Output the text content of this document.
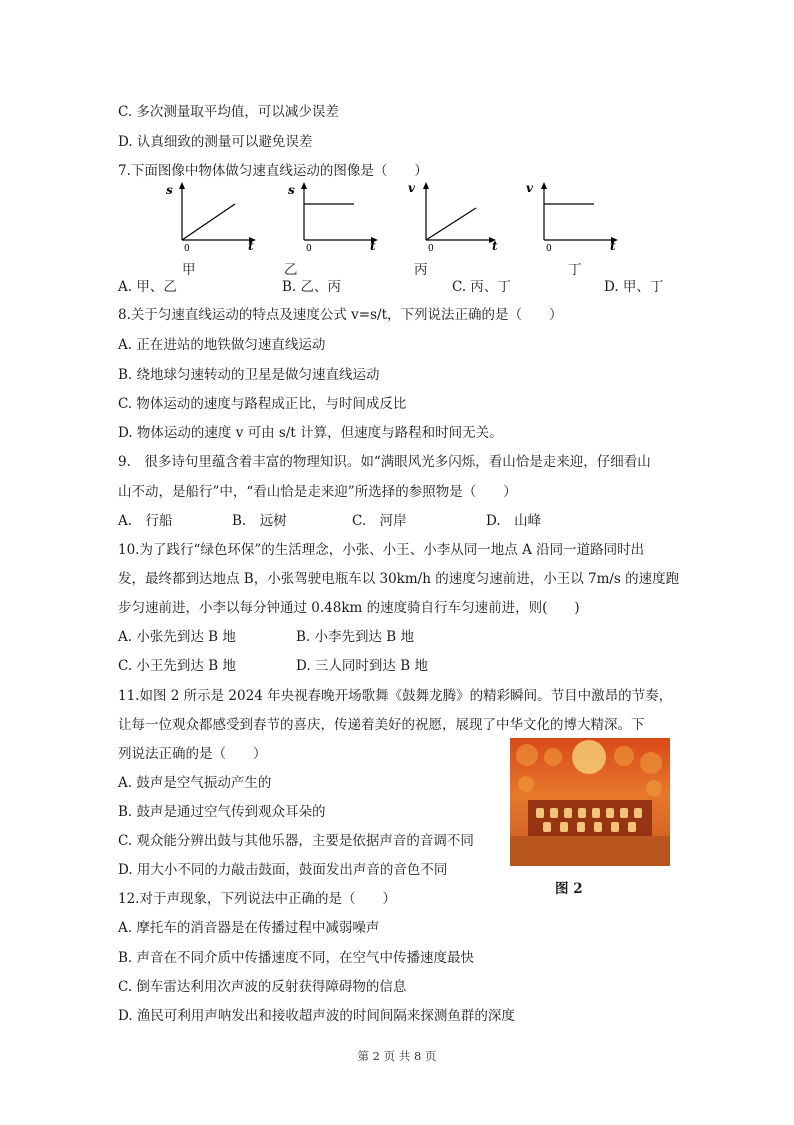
C. 多次测量取平均值，可以减少误差
D. 认真细致的测量可以避免误差
7.下面图像中物体做匀速直线运动的图像是（　　）
s
0	t
s
0	t
v
0	t
v
0	t
甲	乙	丙	丁
A. 甲、乙	B. 乙、丙	C. 丙、丁	D. 甲、丁
8.关于匀速直线运动的特点及速度公式 v=s/t，下列说法正确的是（　　）
A. 正在进站的地铁做匀速直线运动
B. 绕地球匀速转动的卫星是做匀速直线运动
C. 物体运动的速度与路程成正比，与时间成反比
D. 物体运动的速度 v 可由 s/t 计算，但速度与路程和时间无关。
9.　很多诗句里蕴含着丰富的物理知识。如“满眼风光多闪烁，看山恰是走来迎，仔细看山
山不动，是船行”中，“看山恰是走来迎”所选择的参照物是（　　）
A.　行船	B.　远树	C.　河岸	D.　山峰
10.为了践行“绿色环保”的生活理念，小张、小王、小李从同一地点 A 沿同一道路同时出
发，最终都到达地点 B，小张驾驶电瓶车以 30km/h 的速度匀速前进，小王以 7m/s 的速度跑
步匀速前进，小李以每分钟通过 0.48km 的速度骑自行车匀速前进，则(　　)
A. 小张先到达 B 地	B. 小李先到达 B 地
C. 小王先到达 B 地	D. 三人同时到达 B 地
11.如图 2 所示是 2024 年央视春晚开场歌舞《鼓舞龙腾》的精彩瞬间。节目中激昂的节奏，
让每一位观众都感受到春节的喜庆，传递着美好的祝愿，展现了中华文化的博大精深。下
列说法正确的是（　　）
A. 鼓声是空气振动产生的
B. 鼓声是通过空气传到观众耳朵的
C. 观众能分辨出鼓与其他乐器，主要是依据声音的音调不同
D. 用大小不同的力敲击鼓面，鼓面发出声音的音色不同
图 2
12.对于声现象，下列说法中正确的是（　　）
A. 摩托车的消音器是在传播过程中减弱噪声
B. 声音在不同介质中传播速度不同，在空气中传播速度最快
C. 倒车雷达利用次声波的反射获得障碍物的信息
D. 渔民可利用声呐发出和接收超声波的时间间隔来探测鱼群的深度
第 2 页 共 8 页
